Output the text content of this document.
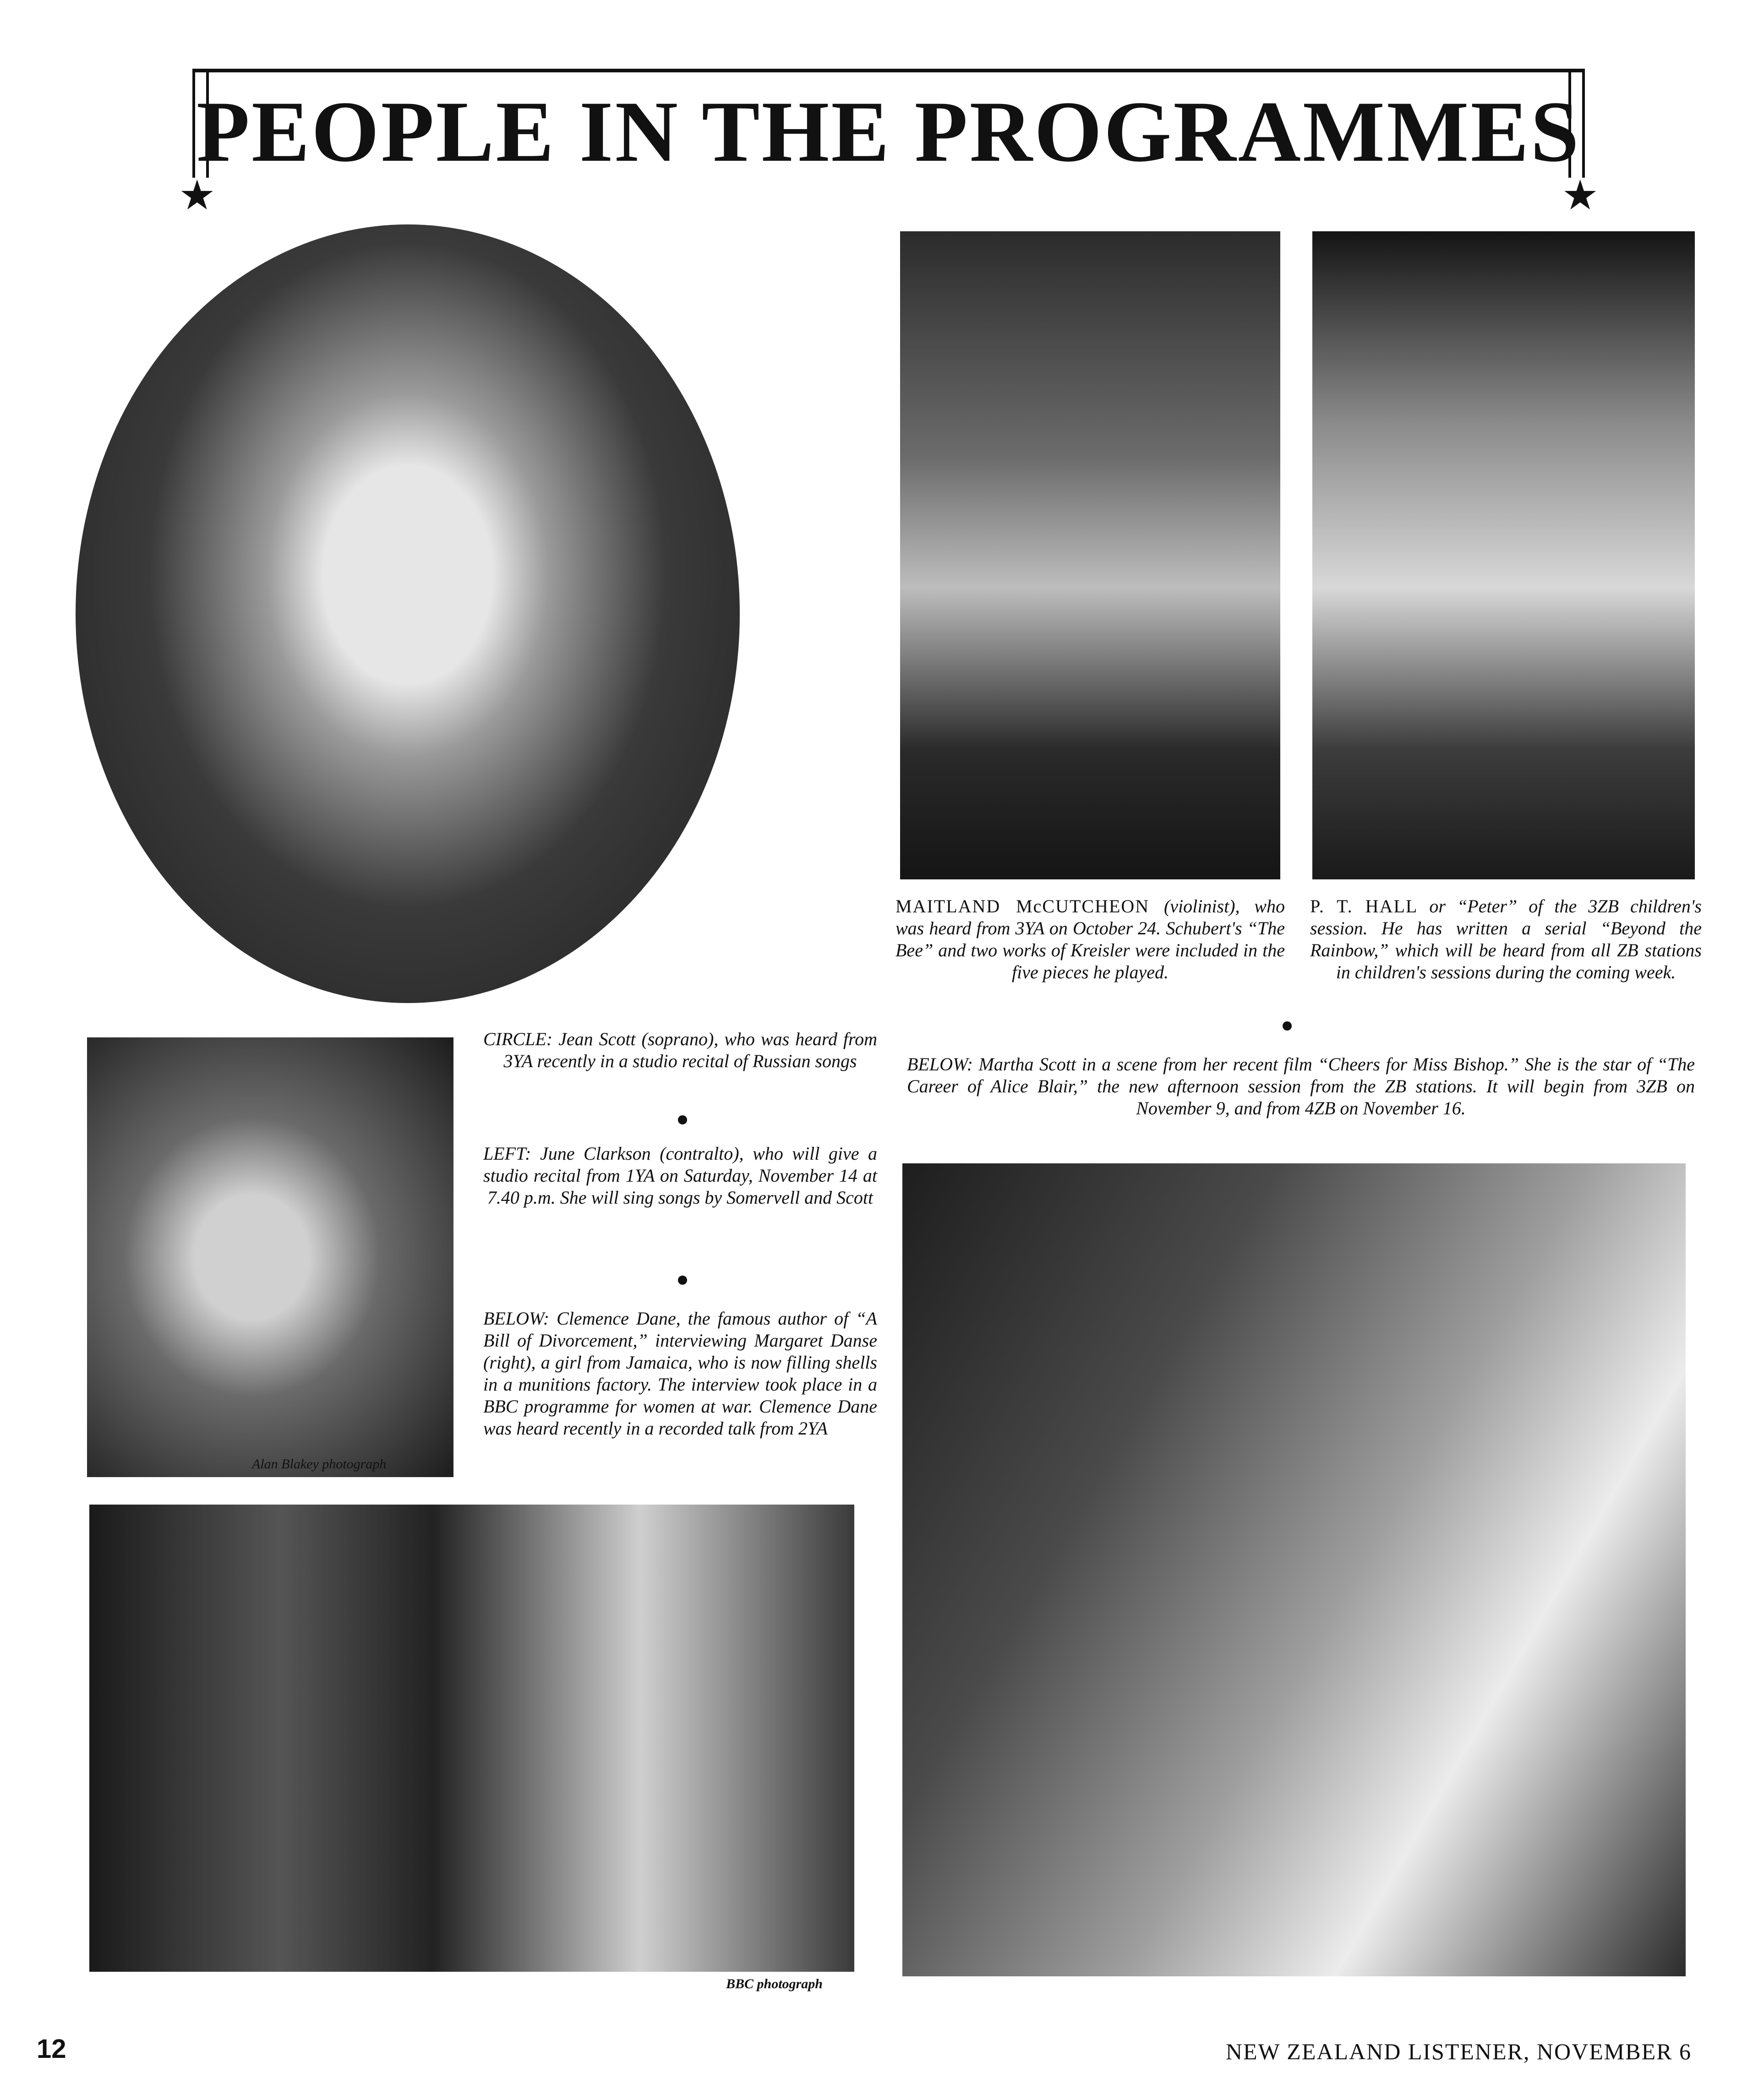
★	★
PEOPLE IN THE PROGRAMMES
MAITLAND McCUTCHEON (violinist), who was heard from 3YA on October 24. Schubert's “The Bee” and two works of Kreisler were included in the five pieces he played.
P. T. HALL or “Peter” of the 3ZB children's session. He has written a serial “Beyond the Rainbow,” which will be heard from all ZB stations in children's sessions during the coming week.
BELOW: Martha Scott in a scene from her recent film “Cheers for Miss Bishop.” She is the star of “The Career of Alice Blair,” the new afternoon session from the ZB stations. It will begin from 3ZB on November 9, and from 4ZB on November 16.
Alan Blakey photograph
CIRCLE: Jean Scott (soprano), who was heard from 3YA recently in a studio recital of Russian songs
LEFT: June Clarkson (contralto), who will give a studio recital from 1YA on Saturday, November 14 at 7.40 p.m. She will sing songs by Somervell and Scott
BELOW: Clemence Dane, the famous author of “A Bill of Divorcement,” interviewing Margaret Danse (right), a girl from Jamaica, who is now filling shells in a munitions factory. The interview took place in a BBC programme for women at war. Clemence Dane was heard recently in a recorded talk from 2YA
BBC photograph
12	NEW ZEALAND LISTENER, NOVEMBER 6
